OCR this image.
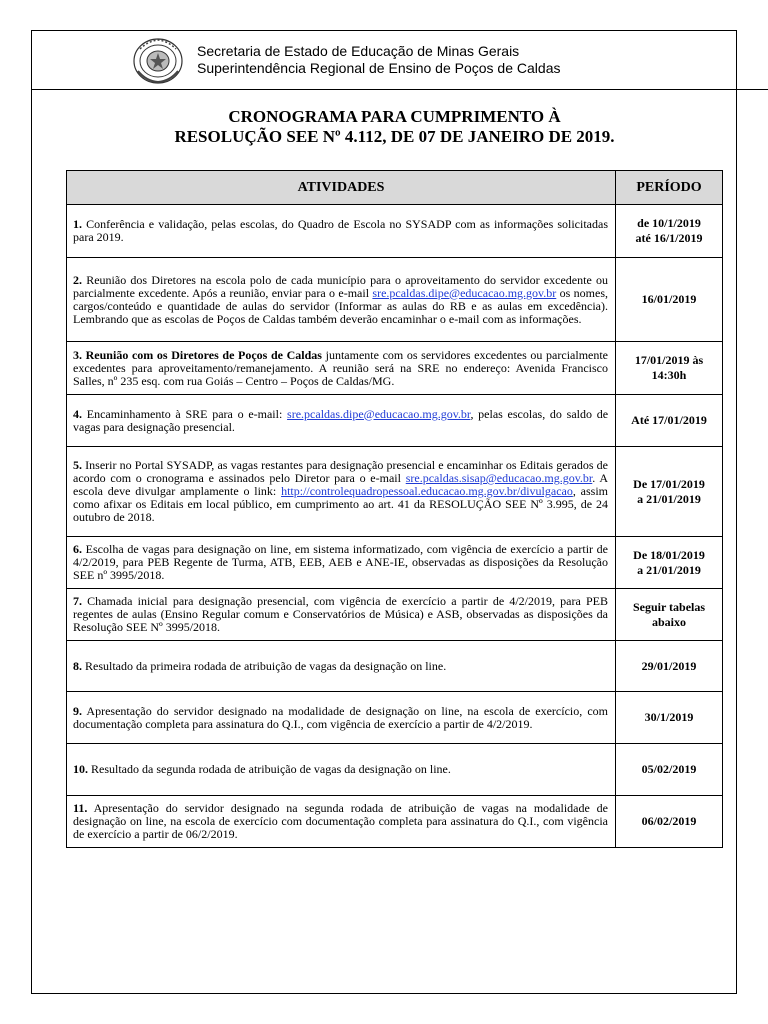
Secretaria de Estado de Educação de Minas Gerais
Superintendência Regional de Ensino de Poços de Caldas
CRONOGRAMA PARA CUMPRIMENTO À
RESOLUÇÃO SEE Nº 4.112, DE 07 DE JANEIRO DE 2019.
ATIVIDADES	PERÍODO
1. Conferência e validação, pelas escolas, do Quadro de Escola no SYSADP com as informações solicitadas para 2019.	de 10/1/2019
até 16/1/2019

2. Reunião dos Diretores na escola polo de cada município para o aproveitamento do servidor excedente ou parcialmente excedente. Após a reunião, enviar para o e-mail sre.pcaldas.dipe@educacao.mg.gov.br os nomes, cargos/conteúdo e quantidade de aulas do servidor (Informar as aulas do RB e as aulas em excedência). Lembrando que as escolas de Poços de Caldas também deverão encaminhar o e-mail com as informações.	16/01/2019

3. Reunião com os Diretores de Poços de Caldas juntamente com os servidores excedentes ou parcialmente excedentes para aproveitamento/remanejamento. A reunião será na SRE no endereço: Avenida Francisco Salles, nº 235 esq. com rua Goiás – Centro – Poços de Caldas/MG.	17/01/2019 às
14:30h

4. Encaminhamento à SRE para o e-mail: sre.pcaldas.dipe@educacao.mg.gov.br, pelas escolas, do saldo de vagas para designação presencial.	Até 17/01/2019

5. Inserir no Portal SYSADP, as vagas restantes para designação presencial e encaminhar os Editais gerados de acordo com o cronograma e assinados pelo Diretor para o e-mail sre.pcaldas.sisap@educacao.mg.gov.br. A escola deve divulgar amplamente o link: http://controlequadropessoal.educacao.mg.gov.br/divulgacao, assim como afixar os Editais em local público, em cumprimento ao art. 41 da RESOLUÇÃO SEE Nº 3.995, de 24 outubro de 2018.	De 17/01/2019
a 21/01/2019

6. Escolha de vagas para designação on line, em sistema informatizado, com vigência de exercício a partir de 4/2/2019, para PEB Regente de Turma, ATB, EEB, AEB e ANE-IE, observadas as disposições da Resolução SEE nº 3995/2018.	De 18/01/2019
a 21/01/2019

7. Chamada inicial para designação presencial, com vigência de exercício a partir de 4/2/2019, para PEB regentes de aulas (Ensino Regular comum e Conservatórios de Música) e ASB, observadas as disposições da Resolução SEE Nº 3995/2018.	Seguir tabelas
abaixo

8. Resultado da primeira rodada de atribuição de vagas da designação on line.	29/01/2019

9. Apresentação do servidor designado na modalidade de designação on line, na escola de exercício, com documentação completa para assinatura do Q.I., com vigência de exercício a partir de 4/2/2019.	30/1/2019

10. Resultado da segunda rodada de atribuição de vagas da designação on line.	05/02/2019

11. Apresentação do servidor designado na segunda rodada de atribuição de vagas na modalidade de designação on line, na escola de exercício com documentação completa para assinatura do Q.I., com vigência de exercício a partir de 06/2/2019.	06/02/2019
